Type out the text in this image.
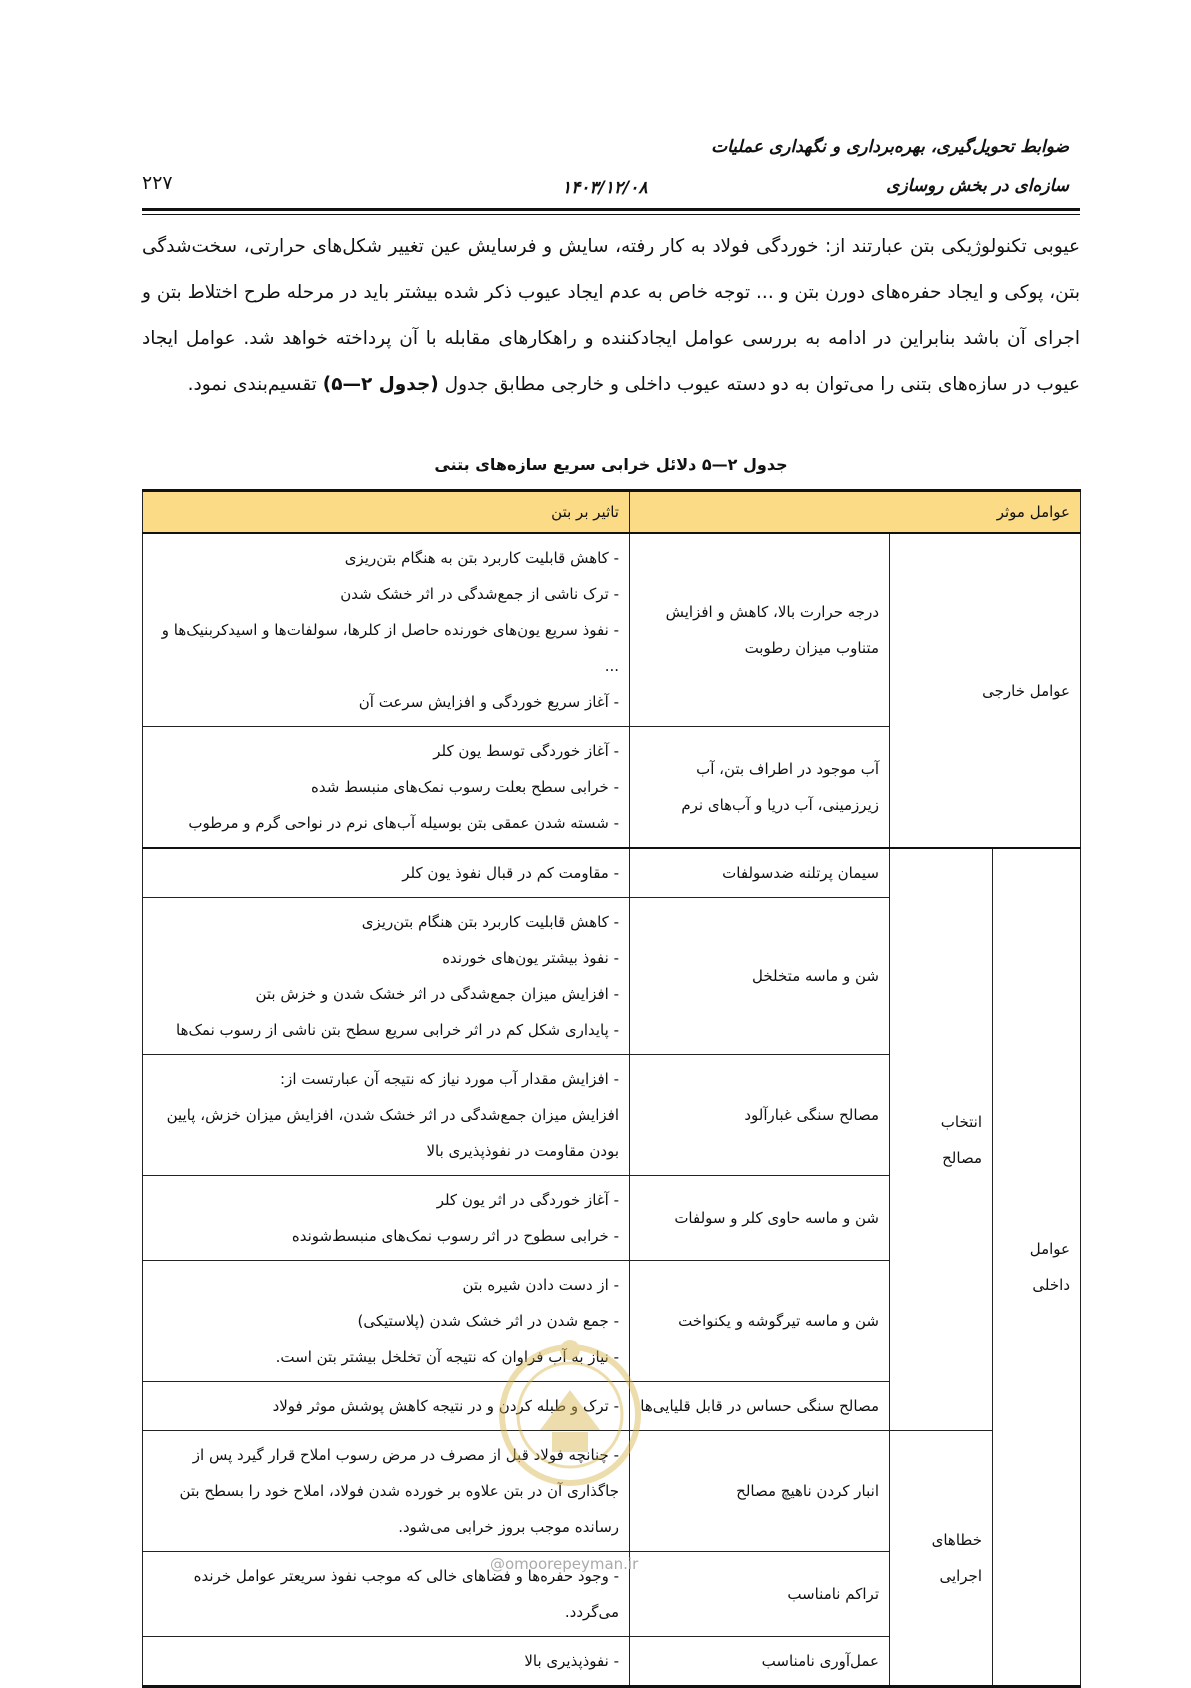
ضوابط تحویل‌گیری، بهره‌برداری و نگهداری عملیات
سازه‌ای در بخش روسازی
۱۴۰۳/۱۲/۰۸
۲۲۷
عیوبی تکنولوژیکی بتن عبارتند از: خوردگی فولاد به کار رفته، سایش و فرسایش عین تغییر شکل‌های حرارتی، سخت‌شدگی بتن، پوکی و ایجاد حفره‌های دورن بتن و ... توجه خاص به عدم ایجاد عیوب ذکر شده بیشتر باید در مرحله طرح اختلاط بتن و اجرای آن باشد بنابراین در ادامه به بررسی عوامل ایجادکننده و راهکارهای مقابله با آن پرداخته خواهد شد. عوامل ایجاد عیوب در سازه‌های بتنی را می‌توان به دو دسته عیوب داخلی و خارجی مطابق جدول (جدول ۲—۵) تقسیم‌بندی نمود.
جدول ۲—۵ دلائل خرابی سریع سازه‌های بتنی
عوامل موثر			تاثیر بر بتن
عوامل خارجی		درجه حرارت بالا، کاهش و افزایش متناوب میزان رطوبت	- کاهش قابلیت کاربرد بتن به هنگام بتن‌ریزی
- ترک ناشی از جمع‌شدگی در اثر خشک شدن
- نفوذ سریع یون‌های خورنده حاصل از کلرها، سولفات‌ها و اسیدکربنیک‌ها و ...
- آغاز سریع خوردگی و افزایش سرعت آن

		آب موجود در اطراف بتن، آب زیرزمینی، آب دریا و آب‌های نرم	- آغاز خوردگی توسط یون کلر
- خرابی سطح بعلت رسوب نمک‌های منبسط شده
- شسته شدن عمقی بتن بوسیله آب‌های نرم در نواحی گرم و مرطوب

عوامل داخلی	انتخاب مصالح	سیمان پرتلنه ضدسولفات	- مقاومت کم در قبال نفوذ یون کلر

		شن و ماسه متخلخل	- کاهش قابلیت کاربرد بتن هنگام بتن‌ریزی
- نفوذ بیشتر یون‌های خورنده
- افزایش میزان جمع‌شدگی در اثر خشک شدن و خزش بتن
- پایداری شکل کم در اثر خرابی سریع سطح بتن ناشی از رسوب نمک‌ها

		مصالح سنگی غبارآلود	- افزایش مقدار آب مورد نیاز که نتیجه آن عبارتست از:
افزایش میزان جمع‌شدگی در اثر خشک شدن، افزایش میزان خزش، پایین بودن مقاومت در نفوذپذیری بالا

		شن و ماسه حاوی کلر و سولفات	- آغاز خوردگی در اثر یون کلر
- خرابی سطوح در اثر رسوب نمک‌های منبسط‌شونده

		شن و ماسه تیرگوشه و یکنواخت	- از دست دادن شیره بتن
- جمع شدن در اثر خشک شدن (پلاستیکی)
- نیاز به آب فراوان که نتیجه آن تخلخل بیشتر بتن است.

		مصالح سنگی حساس در قابل قلیایی‌ها	- ترک و طبله کردن و در نتیجه کاهش پوشش موثر فولاد

	خطاهای اجرایی	انبار کردن ناهیچ مصالح	- چنانچه فولاد قبل از مصرف در مرض رسوب املاح قرار گیرد پس از جاگذاری آن در بتن علاوه بر خورده شدن فولاد، املاح خود را بسطح بتن رسانده موجب بروز خرابی می‌شود.

		تراکم نامناسب	- وجود حفره‌ها و فضاهای خالی که موجب نفوذ سریعتر عوامل خرنده می‌گردد.

		عمل‌آوری نامناسب	- نفوذپذیری بالا
@omoorepeyman.ir
